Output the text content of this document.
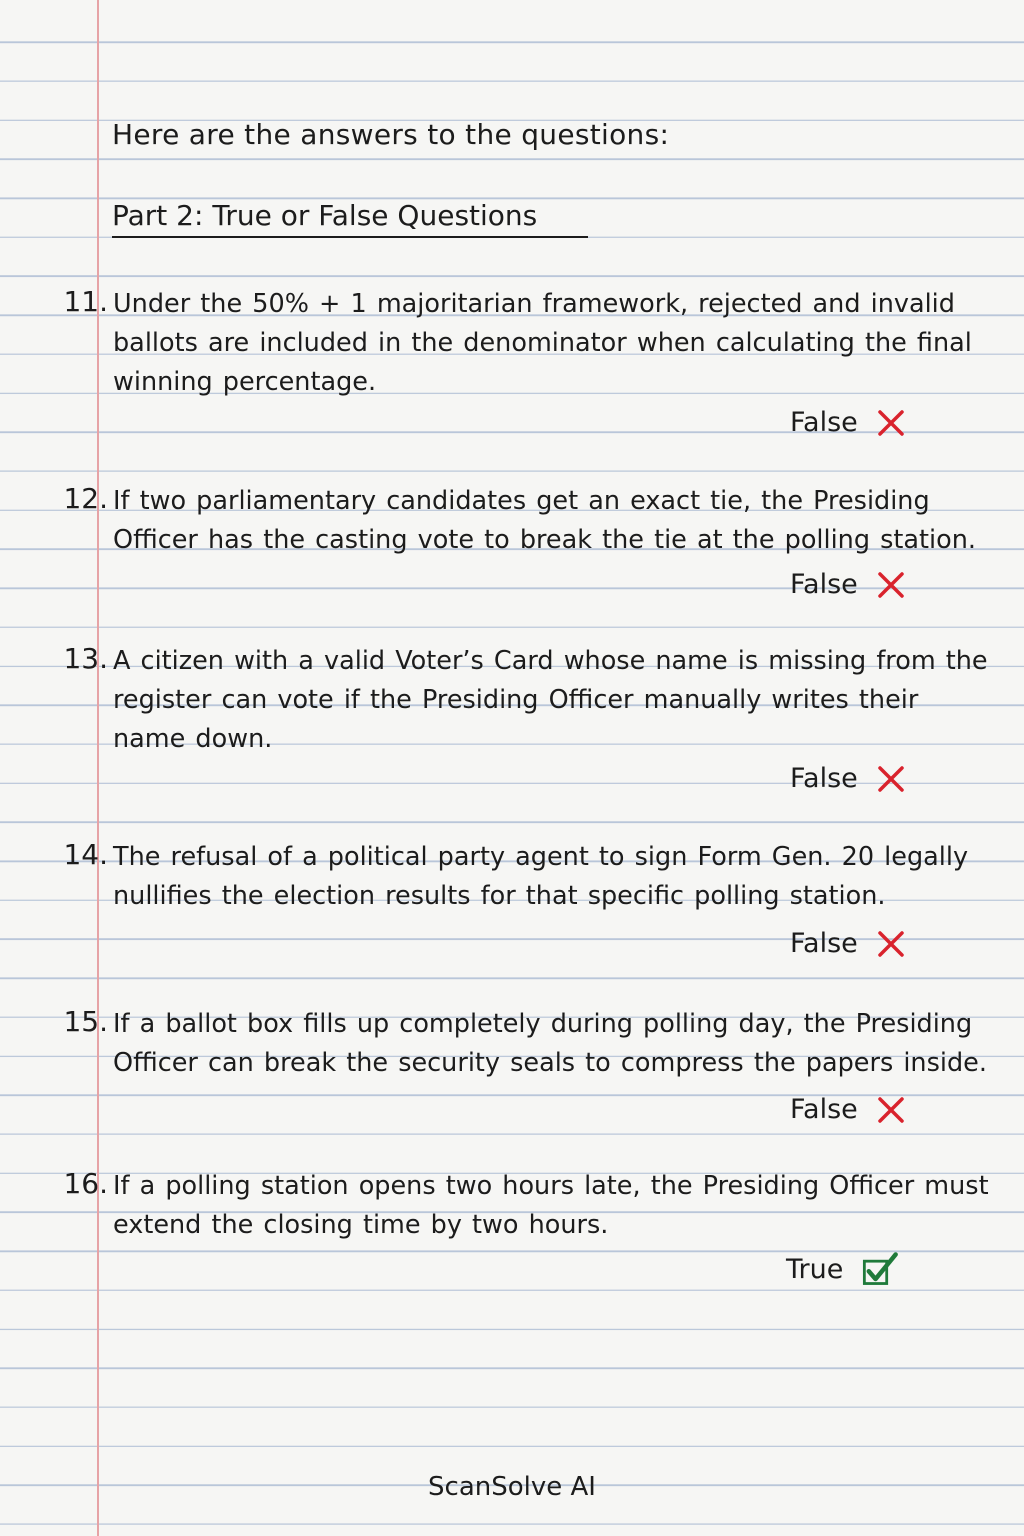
Here are the answers to the questions:
Part 2: True or False Questions
11. Under the 50% + 1 majoritarian framework, rejected and invalid ballots are included in the denominator when calculating the final winning percentage.
False
12. If two parliamentary candidates get an exact tie, the Presiding Officer has the casting vote to break the tie at the polling station.
False
13. A citizen with a valid Voter’s Card whose name is missing from the register can vote if the Presiding Officer manually writes their name down.
False
14. The refusal of a political party agent to sign Form Gen. 20 legally nullifies the election results for that specific polling station.
False
15. If a ballot box fills up completely during polling day, the Presiding Officer can break the security seals to compress the papers inside.
False
16. If a polling station opens two hours late, the Presiding Officer must extend the closing time by two hours.
True
ScanSolve AI
